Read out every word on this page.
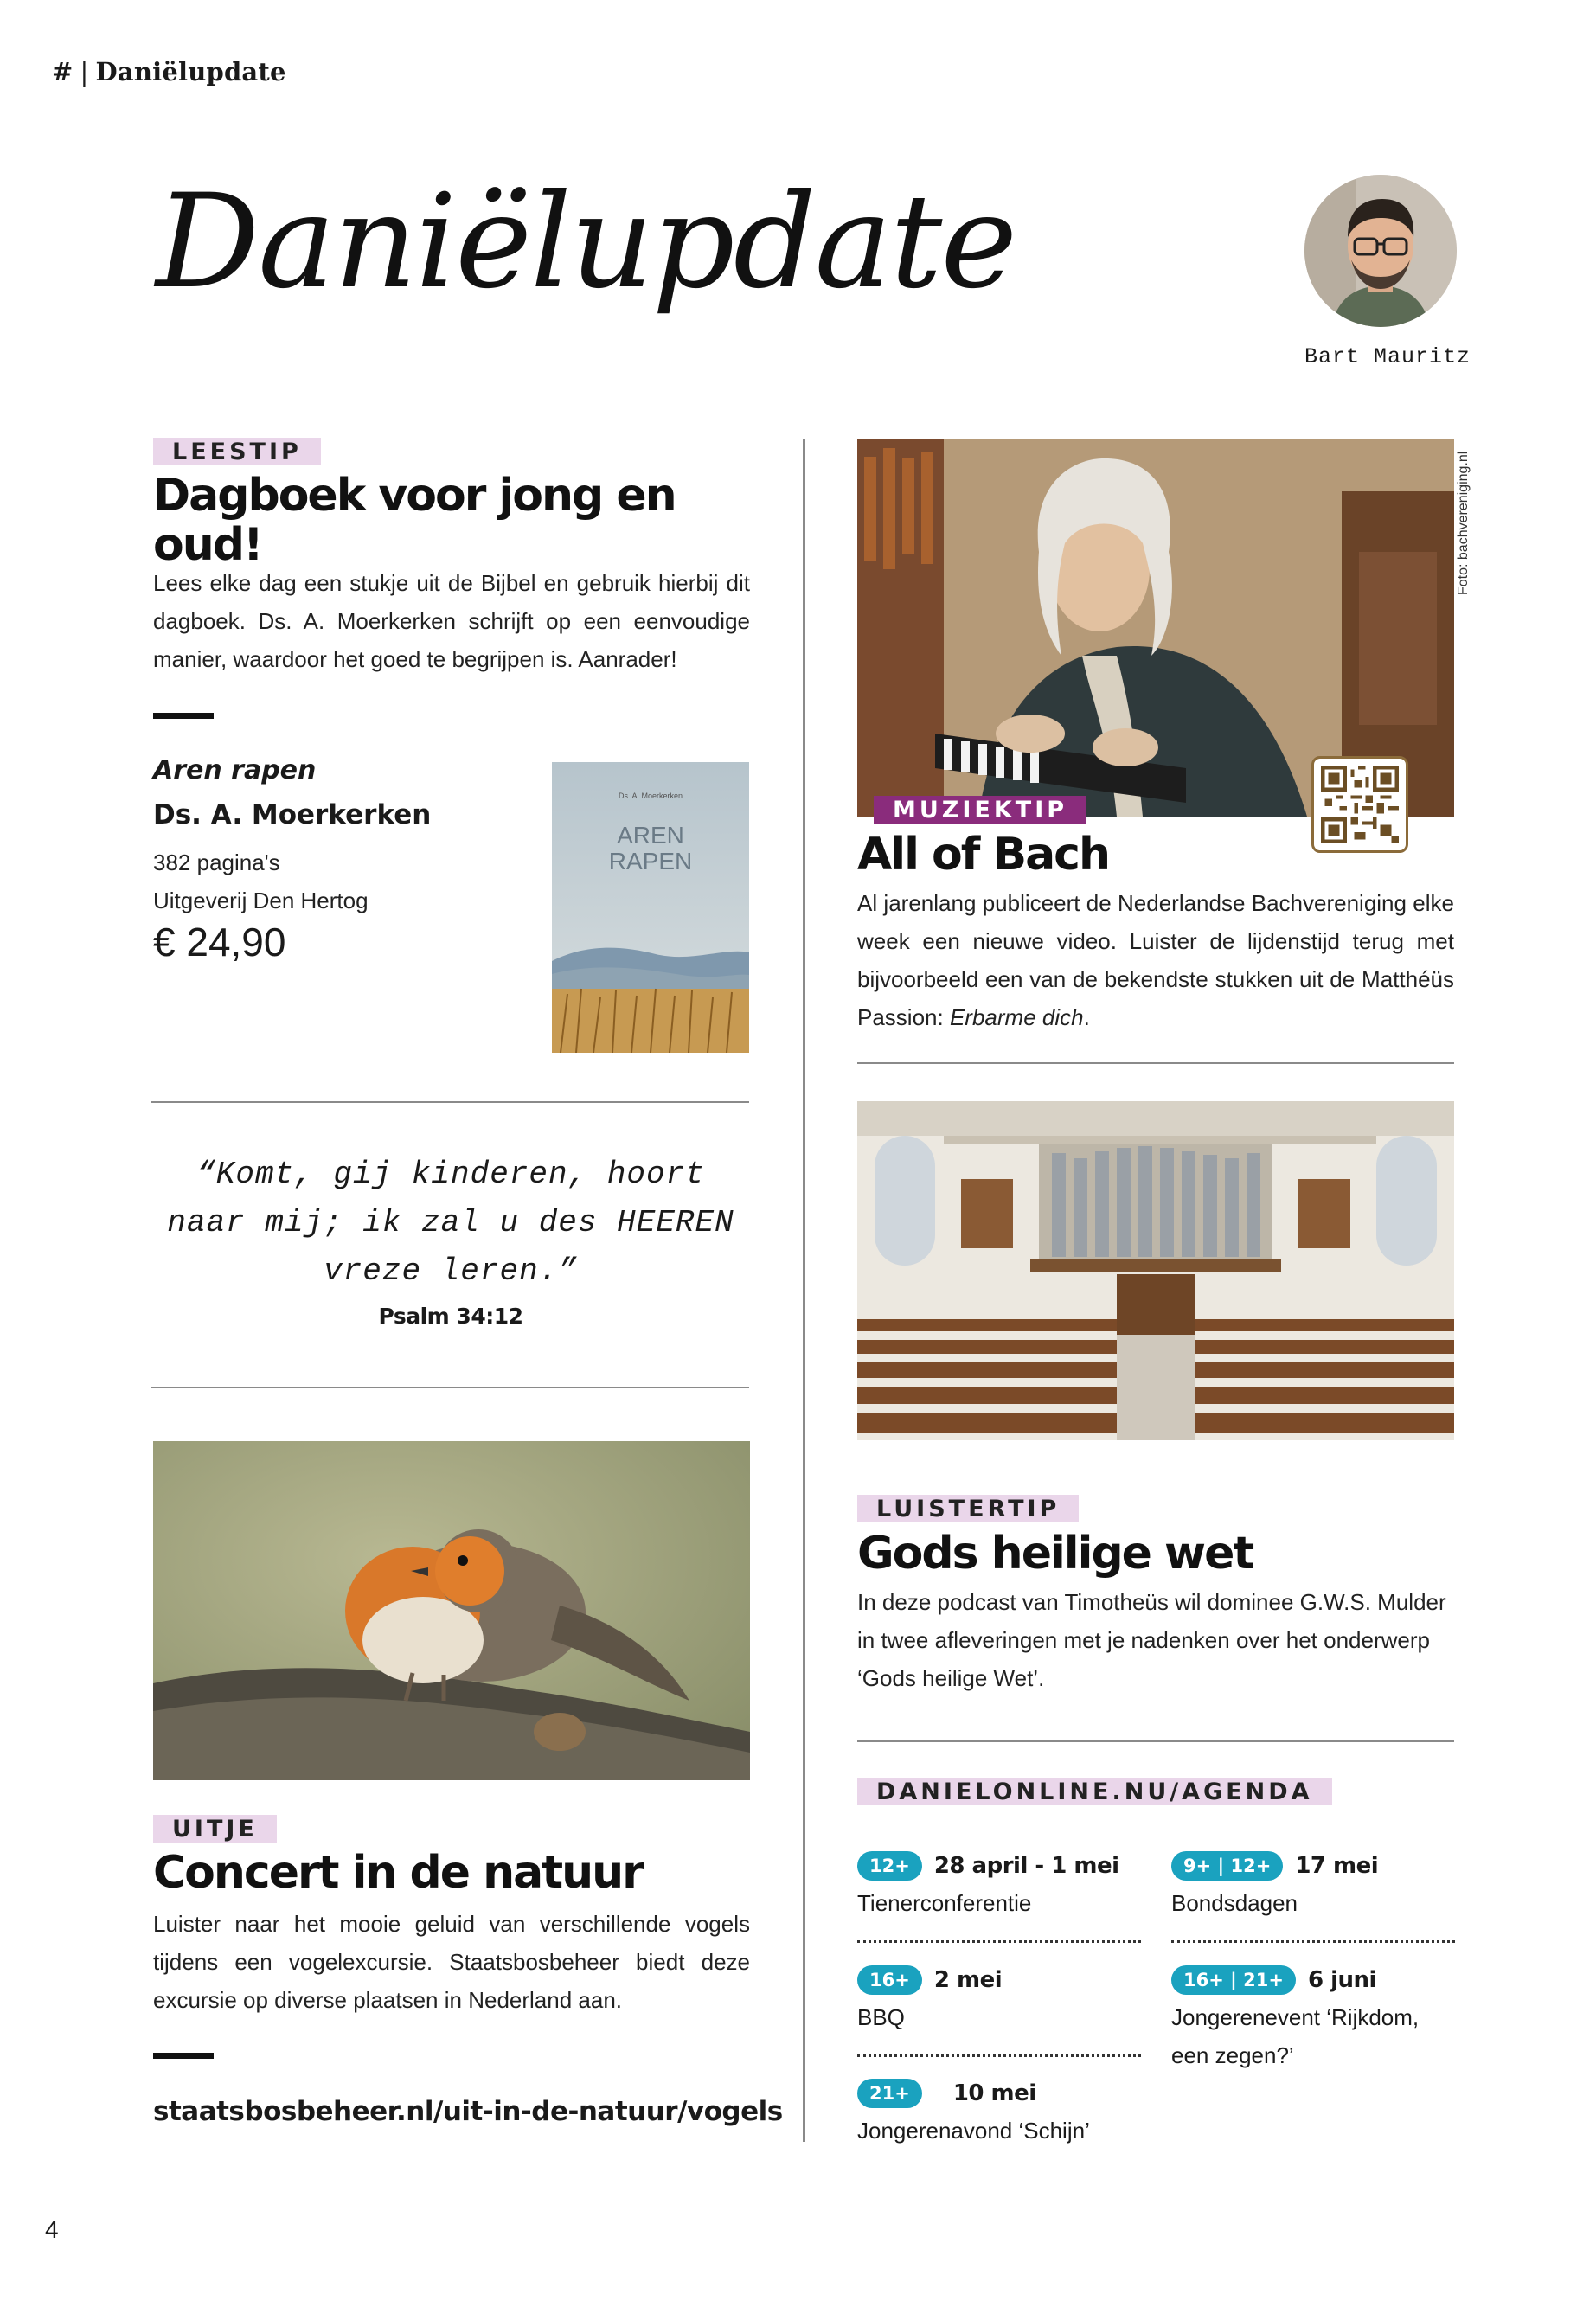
# | Daniëlupdate
Daniëlupdate
Bart Mauritz
LEESTIP
Dagboek voor jong en oud!
Lees elke dag een stukje uit de Bijbel en gebruik hierbij dit dagboek. Ds. A. Moerkerken schrijft op een eenvoudige manier, waardoor het goed te begrijpen is. Aanrader!
Aren rapen
Ds. A. Moerkerken
382 pagina's
Uitgeverij Den Hertog
€ 24,90
Ds. A. Moerkerken
AREN
RAPEN
“Komt, gij kinderen, hoort naar mij; ik zal u des HEEREN vreze leren.”
Psalm 34:12
UITJE
Concert in de natuur
Luister naar het mooie geluid van verschillende vogels tijdens een vogelexcursie. Staatsbosbeheer biedt deze excursie op diverse plaatsen in Nederland aan.
staatsbosbeheer.nl/uit-in-de-natuur/vogels
Foto: bachvereniging.nl
MUZIEKTIP
All of Bach
Al jarenlang publiceert de Nederlandse Bachvereniging elke week een nieuwe video. Luister de lijdenstijd terug met bijvoorbeeld een van de bekendste stukken uit de Matthéüs Passion: Erbarme dich.
LUISTERTIP
Gods heilige wet
In deze podcast van Timotheüs wil dominee G.W.S. Mulder in twee afleveringen met je nadenken over het onderwerp ‘Gods heilige Wet’.
DANIELONLINE.NU/AGENDA
12+ 28 april - 1 mei
Tienerconferentie
9+ | 12+ 17 mei
Bondsdagen
16+ 2 mei
BBQ
16+ | 21+ 6 juni
Jongerenevent ‘Rijkdom, een zegen?’
21+ 10 mei
Jongerenavond ‘Schijn’
4
